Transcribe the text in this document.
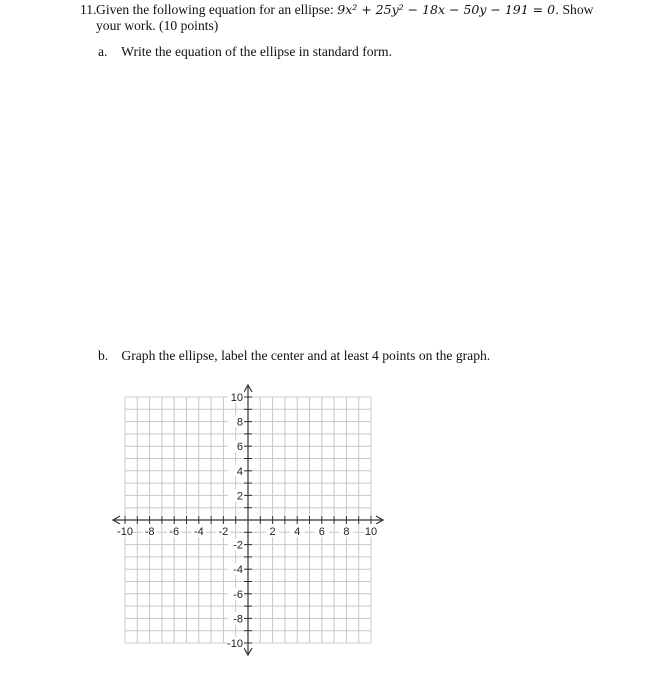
11. Given the following equation for an ellipse: 9x² + 25y² − 18x − 50y − 191 = 0. Show
your work. (10 points)
a. Write the equation of the ellipse in standard form.
b. Graph the ellipse, label the center and at least 4 points on the graph.
-10 -8 -6 -4 -2	2 4 6 8 10
10
8
6
4
2
-2
-4
-6
-8
-10
